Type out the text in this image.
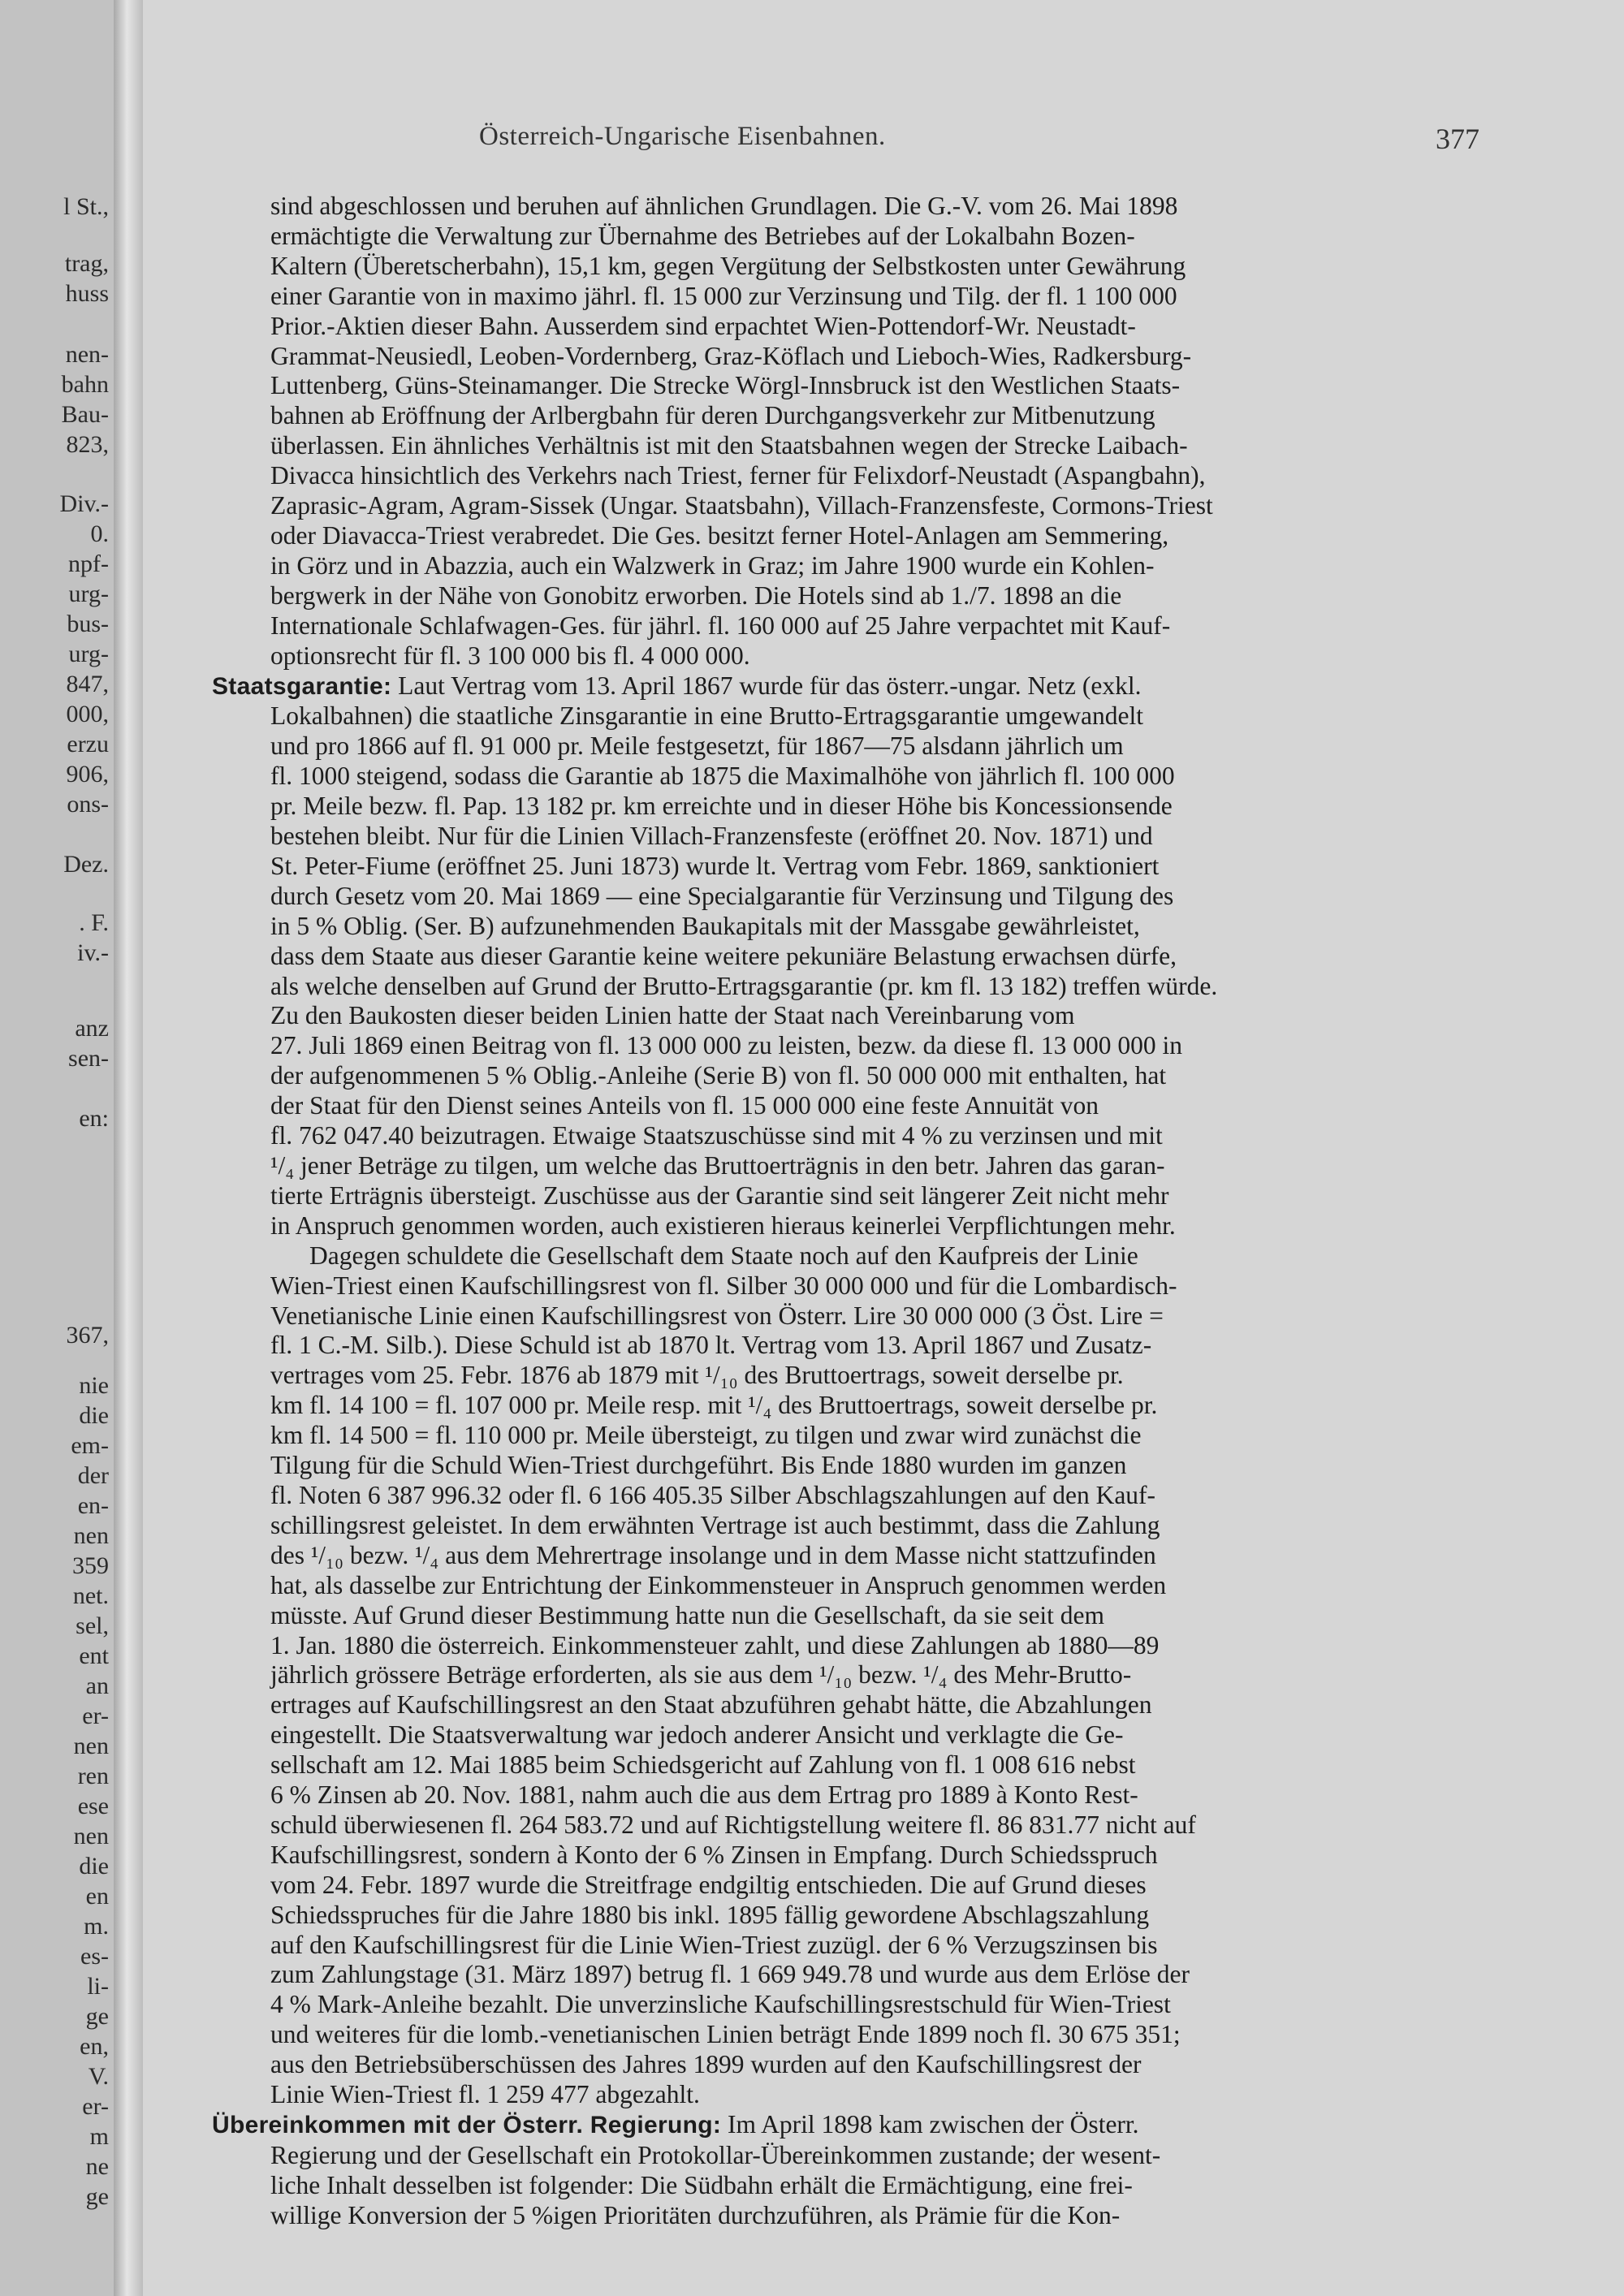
l St.,
trag,
huss
nen-
bahn
Bau-
823,
Div.-
0.
npf-
urg-
bus-
urg-
847,
000,
erzu
906,
ons-
Dez.
. F.
iv.-
anz
sen-
en:
367,
nie
die
em-
der
en-
nen
359
net.
sel,
ent
an
er-
nen
ren
ese
nen
die
en
m.
es-
li-
ge
en,
V.
er-
m
ne
ge
Österreich-Ungarische Eisenbahnen.	377
sind abgeschlossen und beruhen auf ähnlichen Grundlagen. Die G.-V. vom 26. Mai 1898
ermächtigte die Verwaltung zur Übernahme des Betriebes auf der Lokalbahn Bozen-
Kaltern (Überetscherbahn), 15,1 km, gegen Vergütung der Selbstkosten unter Gewährung
einer Garantie von in maximo jährl. fl. 15 000 zur Verzinsung und Tilg. der fl. 1 100 000
Prior.-Aktien dieser Bahn. Ausserdem sind erpachtet Wien-Pottendorf-Wr. Neustadt-
Grammat-Neusiedl, Leoben-Vordernberg, Graz-Köflach und Lieboch-Wies, Radkersburg-
Luttenberg, Güns-Steinamanger. Die Strecke Wörgl-Innsbruck ist den Westlichen Staats-
bahnen ab Eröffnung der Arlbergbahn für deren Durchgangsverkehr zur Mitbenutzung
überlassen. Ein ähnliches Verhältnis ist mit den Staatsbahnen wegen der Strecke Laibach-
Divacca hinsichtlich des Verkehrs nach Triest, ferner für Felixdorf-Neustadt (Aspangbahn),
Zaprasic-Agram, Agram-Sissek (Ungar. Staatsbahn), Villach-Franzensfeste, Cormons-Triest
oder Diavacca-Triest verabredet. Die Ges. besitzt ferner Hotel-Anlagen am Semmering,
in Görz und in Abazzia, auch ein Walzwerk in Graz; im Jahre 1900 wurde ein Kohlen-
bergwerk in der Nähe von Gonobitz erworben. Die Hotels sind ab 1./7. 1898 an die
Internationale Schlafwagen-Ges. für jährl. fl. 160 000 auf 25 Jahre verpachtet mit Kauf-
optionsrecht für fl. 3 100 000 bis fl. 4 000 000.
Staatsgarantie: Laut Vertrag vom 13. April 1867 wurde für das österr.-ungar. Netz (exkl.
Lokalbahnen) die staatliche Zinsgarantie in eine Brutto-Ertragsgarantie umgewandelt
und pro 1866 auf fl. 91 000 pr. Meile festgesetzt, für 1867—75 alsdann jährlich um
fl. 1000 steigend, sodass die Garantie ab 1875 die Maximalhöhe von jährlich fl. 100 000
pr. Meile bezw. fl. Pap. 13 182 pr. km erreichte und in dieser Höhe bis Koncessionsende
bestehen bleibt. Nur für die Linien Villach-Franzensfeste (eröffnet 20. Nov. 1871) und
St. Peter-Fiume (eröffnet 25. Juni 1873) wurde lt. Vertrag vom Febr. 1869, sanktioniert
durch Gesetz vom 20. Mai 1869 — eine Specialgarantie für Verzinsung und Tilgung des
in 5 % Oblig. (Ser. B) aufzunehmenden Baukapitals mit der Massgabe gewährleistet,
dass dem Staate aus dieser Garantie keine weitere pekuniäre Belastung erwachsen dürfe,
als welche denselben auf Grund der Brutto-Ertragsgarantie (pr. km fl. 13 182) treffen würde.
Zu den Baukosten dieser beiden Linien hatte der Staat nach Vereinbarung vom
27. Juli 1869 einen Beitrag von fl. 13 000 000 zu leisten, bezw. da diese fl. 13 000 000 in
der aufgenommenen 5 % Oblig.-Anleihe (Serie B) von fl. 50 000 000 mit enthalten, hat
der Staat für den Dienst seines Anteils von fl. 15 000 000 eine feste Annuität von
fl. 762 047.40 beizutragen. Etwaige Staatszuschüsse sind mit 4 % zu verzinsen und mit
¹/₄ jener Beträge zu tilgen, um welche das Bruttoerträgnis in den betr. Jahren das garan-
tierte Erträgnis übersteigt. Zuschüsse aus der Garantie sind seit längerer Zeit nicht mehr
in Anspruch genommen worden, auch existieren hieraus keinerlei Verpflichtungen mehr.
Dagegen schuldete die Gesellschaft dem Staate noch auf den Kaufpreis der Linie
Wien-Triest einen Kaufschillingsrest von fl. Silber 30 000 000 und für die Lombardisch-
Venetianische Linie einen Kaufschillingsrest von Österr. Lire 30 000 000 (3 Öst. Lire =
fl. 1 C.-M. Silb.). Diese Schuld ist ab 1870 lt. Vertrag vom 13. April 1867 und Zusatz-
vertrages vom 25. Febr. 1876 ab 1879 mit ¹/₁₀ des Bruttoertrags, soweit derselbe pr.
km fl. 14 100 = fl. 107 000 pr. Meile resp. mit ¹/₄ des Bruttoertrags, soweit derselbe pr.
km fl. 14 500 = fl. 110 000 pr. Meile übersteigt, zu tilgen und zwar wird zunächst die
Tilgung für die Schuld Wien-Triest durchgeführt. Bis Ende 1880 wurden im ganzen
fl. Noten 6 387 996.32 oder fl. 6 166 405.35 Silber Abschlagszahlungen auf den Kauf-
schillingsrest geleistet. In dem erwähnten Vertrage ist auch bestimmt, dass die Zahlung
des ¹/₁₀ bezw. ¹/₄ aus dem Mehrertrage insolange und in dem Masse nicht stattzufinden
hat, als dasselbe zur Entrichtung der Einkommensteuer in Anspruch genommen werden
müsste. Auf Grund dieser Bestimmung hatte nun die Gesellschaft, da sie seit dem
1. Jan. 1880 die österreich. Einkommensteuer zahlt, und diese Zahlungen ab 1880—89
jährlich grössere Beträge erforderten, als sie aus dem ¹/₁₀ bezw. ¹/₄ des Mehr-Brutto-
ertrages auf Kaufschillingsrest an den Staat abzuführen gehabt hätte, die Abzahlungen
eingestellt. Die Staatsverwaltung war jedoch anderer Ansicht und verklagte die Ge-
sellschaft am 12. Mai 1885 beim Schiedsgericht auf Zahlung von fl. 1 008 616 nebst
6 % Zinsen ab 20. Nov. 1881, nahm auch die aus dem Ertrag pro 1889 à Konto Rest-
schuld überwiesenen fl. 264 583.72 und auf Richtigstellung weitere fl. 86 831.77 nicht auf
Kaufschillingsrest, sondern à Konto der 6 % Zinsen in Empfang. Durch Schiedsspruch
vom 24. Febr. 1897 wurde die Streitfrage endgiltig entschieden. Die auf Grund dieses
Schiedsspruches für die Jahre 1880 bis inkl. 1895 fällig gewordene Abschlagszahlung
auf den Kaufschillingsrest für die Linie Wien-Triest zuzügl. der 6 % Verzugszinsen bis
zum Zahlungstage (31. März 1897) betrug fl. 1 669 949.78 und wurde aus dem Erlöse der
4 % Mark-Anleihe bezahlt. Die unverzinsliche Kaufschillingsrestschuld für Wien-Triest
und weiteres für die lomb.-venetianischen Linien beträgt Ende 1899 noch fl. 30 675 351;
aus den Betriebsüberschüssen des Jahres 1899 wurden auf den Kaufschillingsrest der
Linie Wien-Triest fl. 1 259 477 abgezahlt.
Übereinkommen mit der Österr. Regierung: Im April 1898 kam zwischen der Österr.
Regierung und der Gesellschaft ein Protokollar-Übereinkommen zustande; der wesent-
liche Inhalt desselben ist folgender: Die Südbahn erhält die Ermächtigung, eine frei-
willige Konversion der 5 %igen Prioritäten durchzuführen, als Prämie für die Kon-
